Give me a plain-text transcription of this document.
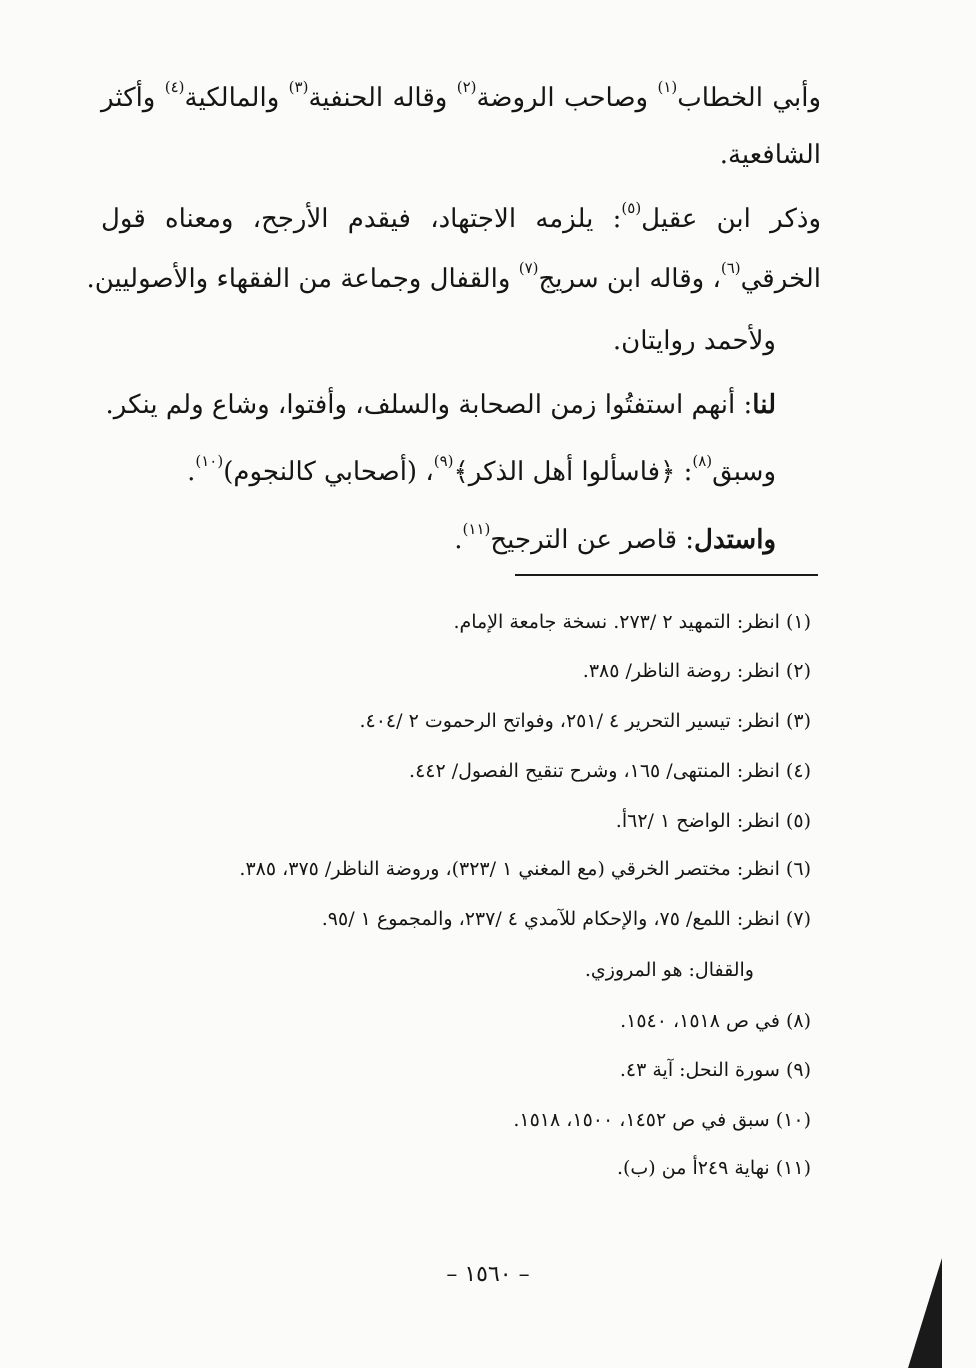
وأبي الخطاب$^{(١)}$ وصاحب الروضة$^{(٢)}$ وقاله الحنفية$^{(٣)}$ والمالكية$^{(٤)}$ وأكثر
الشافعية.
وذكر ابن عقيل$^{(٥)}$: يلزمه الاجتهاد، فيقدم الأرجح، ومعناه قول
الخرقي$^{(٦)}$، وقاله ابن سريج$^{(٧)}$ والقفال وجماعة من الفقهاء والأصوليين.
ولأحمد روايتان.
لنا: أنهم استفتُوا زمن الصحابة والسلف، وأفتوا، وشاع ولم ينكر.
وسبق$^{(٨)}$: ﴿فاسألوا أهل الذكر﴾$^{(٩)}$، (أصحابي كالنجوم)$^{(١٠)}$.
واستدل: قاصر عن الترجيح$^{(١١)}$.
(١) انظر: التمهيد ٢ /٢٧٣. نسخة جامعة الإمام.
(٢) انظر: روضة الناظر/ ٣٨٥.
(٣) انظر: تيسير التحرير ٤ /٢٥١، وفواتح الرحموت ٢ /٤٠٤.
(٤) انظر: المنتهى/ ١٦٥، وشرح تنقيح الفصول/ ٤٤٢.
(٥) انظر: الواضح ١ /٦٢أ.
(٦) انظر: مختصر الخرقي (مع المغني ١ /٣٢٣)، وروضة الناظر/ ٣٧٥، ٣٨٥.
(٧) انظر: اللمع/ ٧٥، والإحكام للآمدي ٤ /٢٣٧، والمجموع ١ /٩٥.
والقفال: هو المروزي.
(٨) في ص ١٥١٨، ١٥٤٠.
(٩) سورة النحل: آية ٤٣.
(١٠) سبق في ص ١٤٥٢، ١٥٠٠، ١٥١٨.
(١١) نهاية ٢٤٩أ من (ب).
– ١٥٦٠ –
